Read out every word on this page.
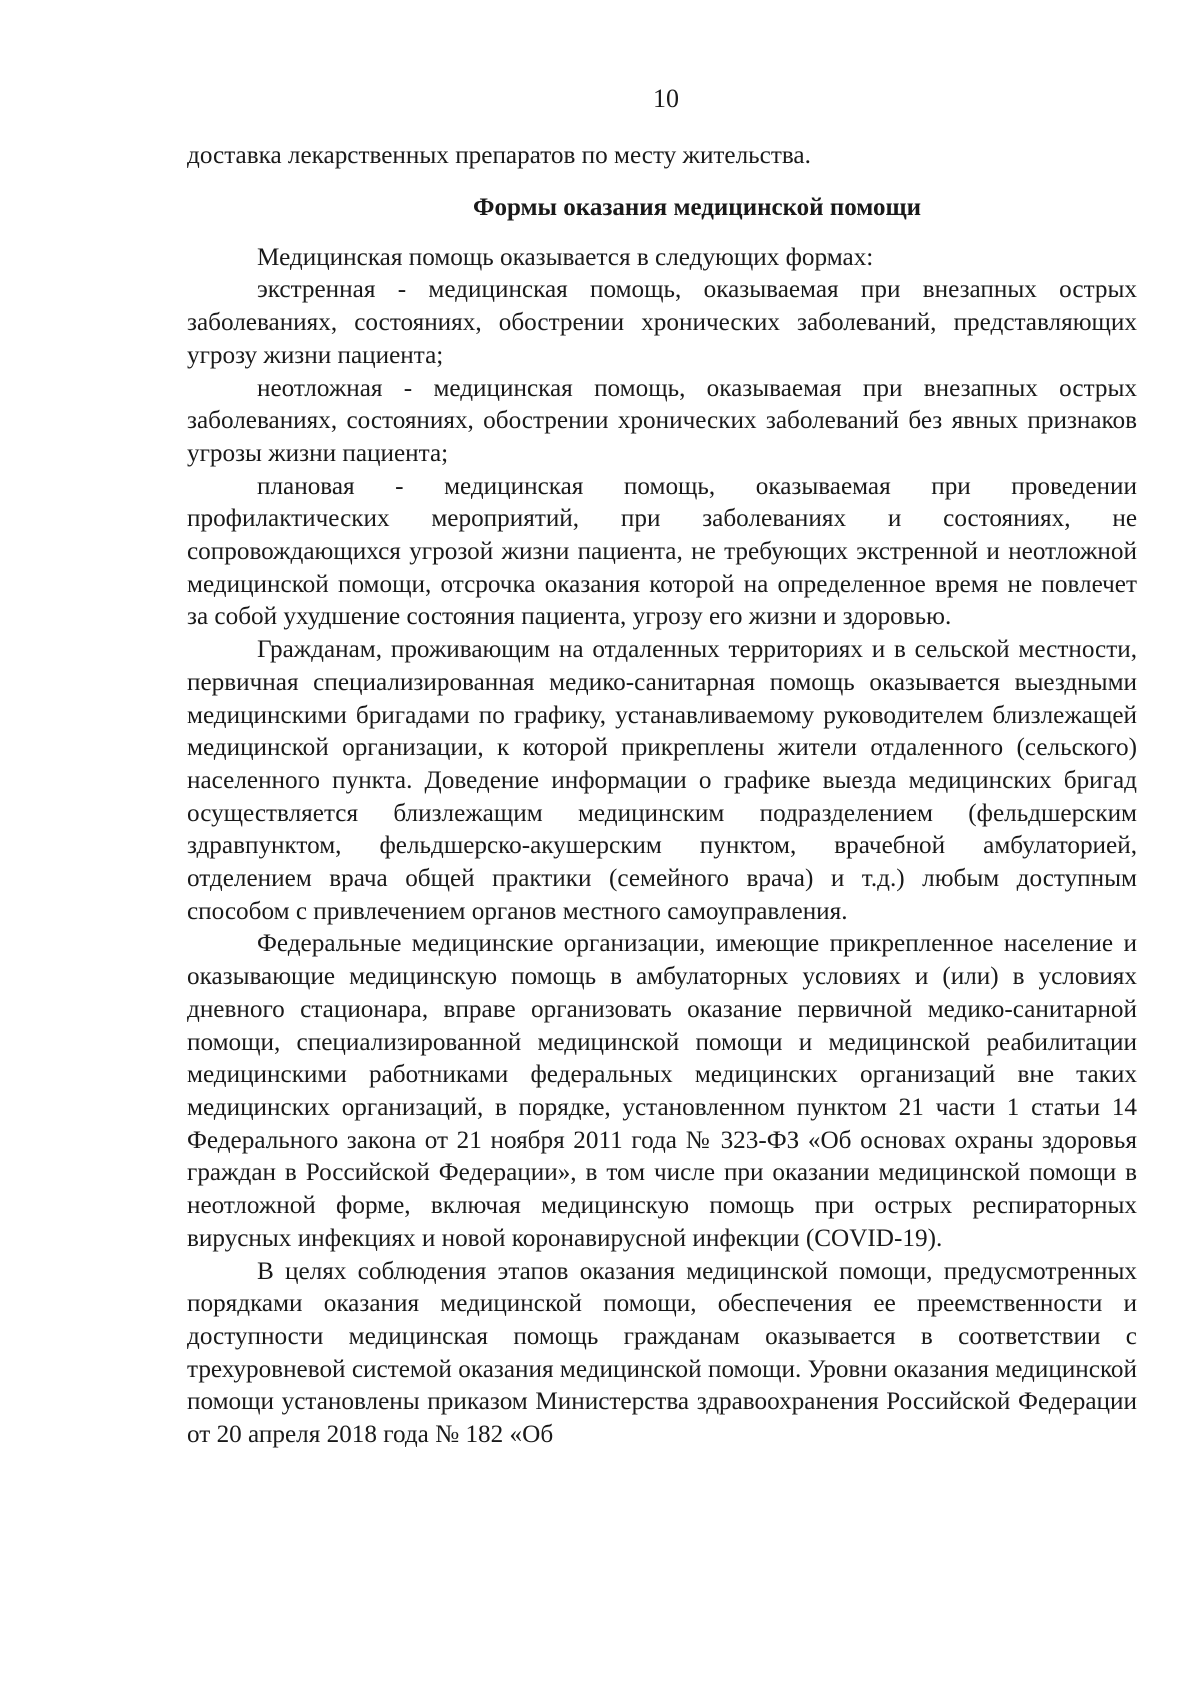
10

доставка лекарственных препаратов по месту жительства.

Формы оказания медицинской помощи

Медицинская помощь оказывается в следующих формах:

экстренная - медицинская помощь, оказываемая при внезапных острых заболеваниях, состояниях, обострении хронических заболеваний, представляющих угрозу жизни пациента;

неотложная - медицинская помощь, оказываемая при внезапных острых заболеваниях, состояниях, обострении хронических заболеваний без явных признаков угрозы жизни пациента;

плановая - медицинская помощь, оказываемая при проведении профилактических мероприятий, при заболеваниях и состояниях, не сопровождающихся угрозой жизни пациента, не требующих экстренной и неотложной медицинской помощи, отсрочка оказания которой на определенное время не повлечет за собой ухудшение состояния пациента, угрозу его жизни и здоровью.

Гражданам, проживающим на отдаленных территориях и в сельской местности, первичная специализированная медико-санитарная помощь оказывается выездными медицинскими бригадами по графику, устанавливаемому руководителем близлежащей медицинской организации, к которой прикреплены жители отдаленного (сельского) населенного пункта. Доведение информации о графике выезда медицинских бригад осуществляется близлежащим медицинским подразделением (фельдшерским здравпунктом, фельдшерско-акушерским пунктом, врачебной амбулаторией, отделением врача общей практики (семейного врача) и т.д.) любым доступным способом с привлечением органов местного самоуправления.

Федеральные медицинские организации, имеющие прикрепленное население и оказывающие медицинскую помощь в амбулаторных условиях и (или) в условиях дневного стационара, вправе организовать оказание первичной медико-санитарной помощи, специализированной медицинской помощи и медицинской реабилитации медицинскими работниками федеральных медицинских организаций вне таких медицинских организаций, в порядке, установленном пунктом 21 части 1 статьи 14 Федерального закона от 21 ноября 2011 года № 323-ФЗ «Об основах охраны здоровья граждан в Российской Федерации», в том числе при оказании медицинской помощи в неотложной форме, включая медицинскую помощь при острых респираторных вирусных инфекциях и новой коронавирусной инфекции (COVID-19).

В целях соблюдения этапов оказания медицинской помощи, предусмотренных порядками оказания медицинской помощи, обеспечения ее преемственности и доступности медицинская помощь гражданам оказывается в соответствии с трехуровневой системой оказания медицинской помощи. Уровни оказания медицинской помощи установлены приказом Министерства здравоохранения Российской Федерации от 20 апреля 2018 года № 182 «Об
